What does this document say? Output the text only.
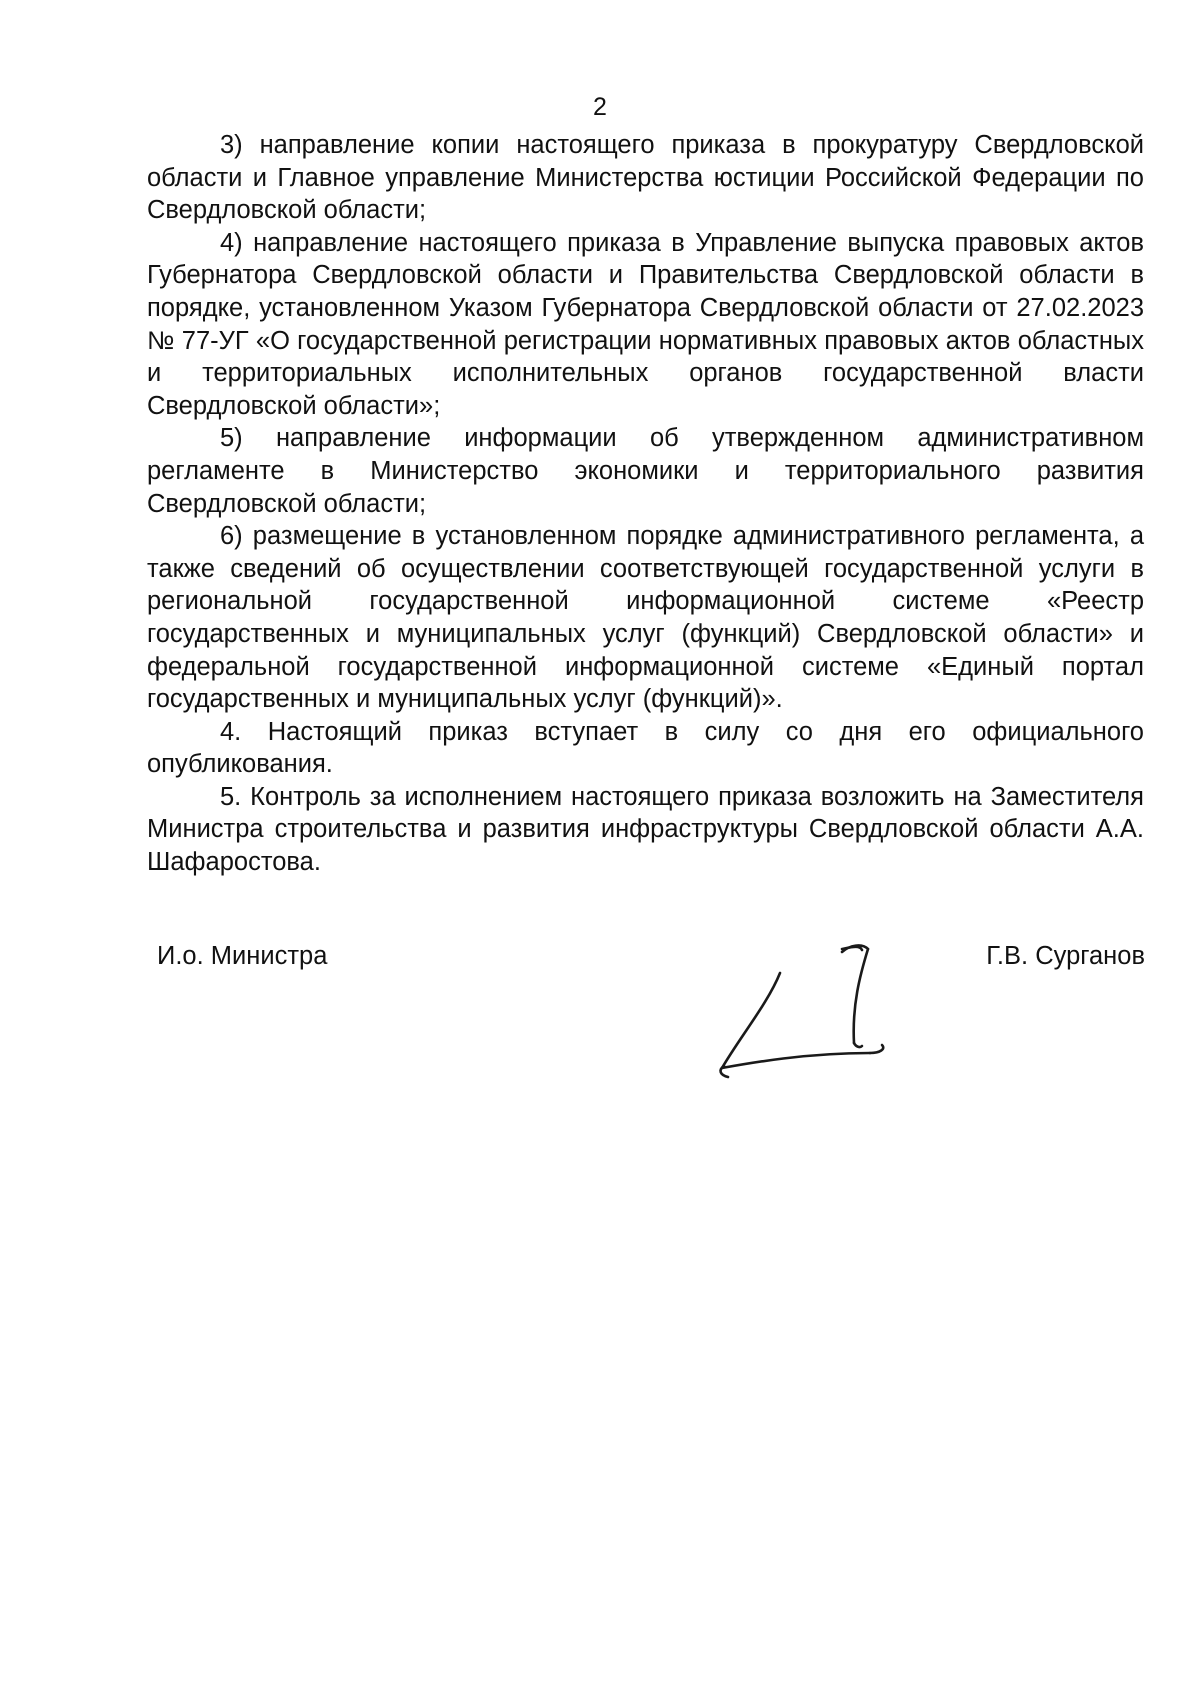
2

3) направление копии настоящего приказа в прокуратуру Свердловской области и Главное управление Министерства юстиции Российской Федерации по Свердловской области;

4) направление настоящего приказа в Управление выпуска правовых актов Губернатора Свердловской области и Правительства Свердловской области в порядке, установленном Указом Губернатора Свердловской области от 27.02.2023 № 77-УГ «О государственной регистрации нормативных правовых актов областных и территориальных исполнительных органов государственной власти Свердловской области»;

5) направление информации об утвержденном административном регламенте в Министерство экономики и территориального развития Свердловской области;

6) размещение в установленном порядке административного регламента, а также сведений об осуществлении соответствующей государственной услуги в региональной государственной информационной системе «Реестр государственных и муниципальных услуг (функций) Свердловской области» и федеральной государственной информационной системе «Единый портал государственных и муниципальных услуг (функций)».

4. Настоящий приказ вступает в силу со дня его официального опубликования.

5. Контроль за исполнением настоящего приказа возложить на Заместителя Министра строительства и развития инфраструктуры Свердловской области А.А. Шафаростова.

И.о. Министра	Г.В. Сурганов
